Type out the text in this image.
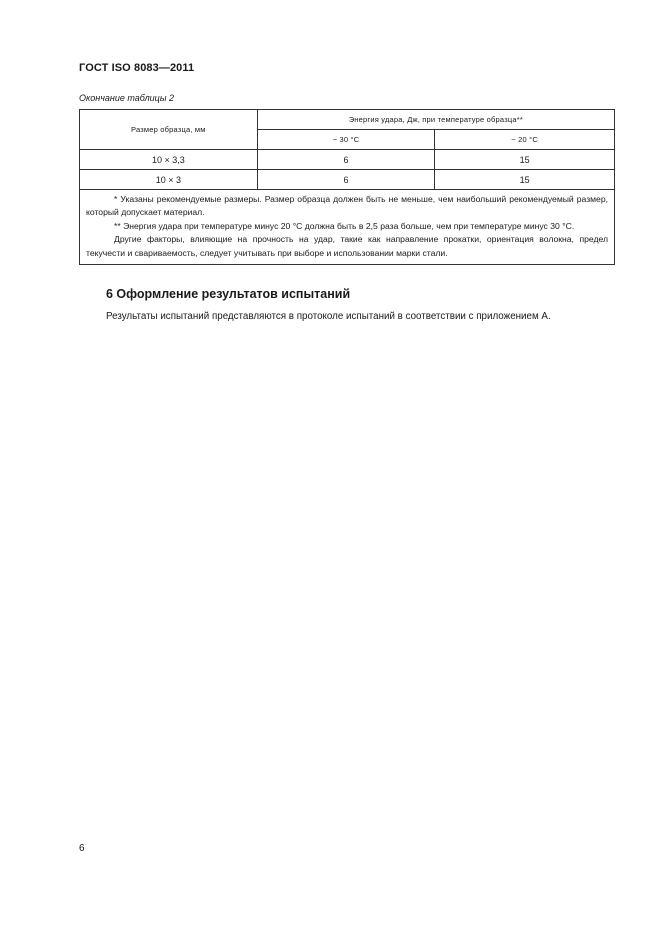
ГОСТ ISO 8083—2011
Окончание таблицы 2
Размер образца, мм	Энергия удара, Дж, при температуре образца**	
	− 30 °С	− 20 °С
10 × 3,3	6	15
10 × 3	6	15

* Указаны рекомендуемые размеры. Размер образца должен быть не меньше, чем наибольший рекомендуемый размер, который допускает материал.
** Энергия удара при температуре минус 20 °С должна быть в 2,5 раза больше, чем при температуре минус 30 °С.
Другие факторы, влияющие на прочность на удар, такие как направление прокатки, ориентация волокна, предел текучести и свариваемость, следует учитывать при выборе и использовании марки стали.		
6 Оформление результатов испытаний
Результаты испытаний представляются в протоколе испытаний в соответствии с приложением А.
6
